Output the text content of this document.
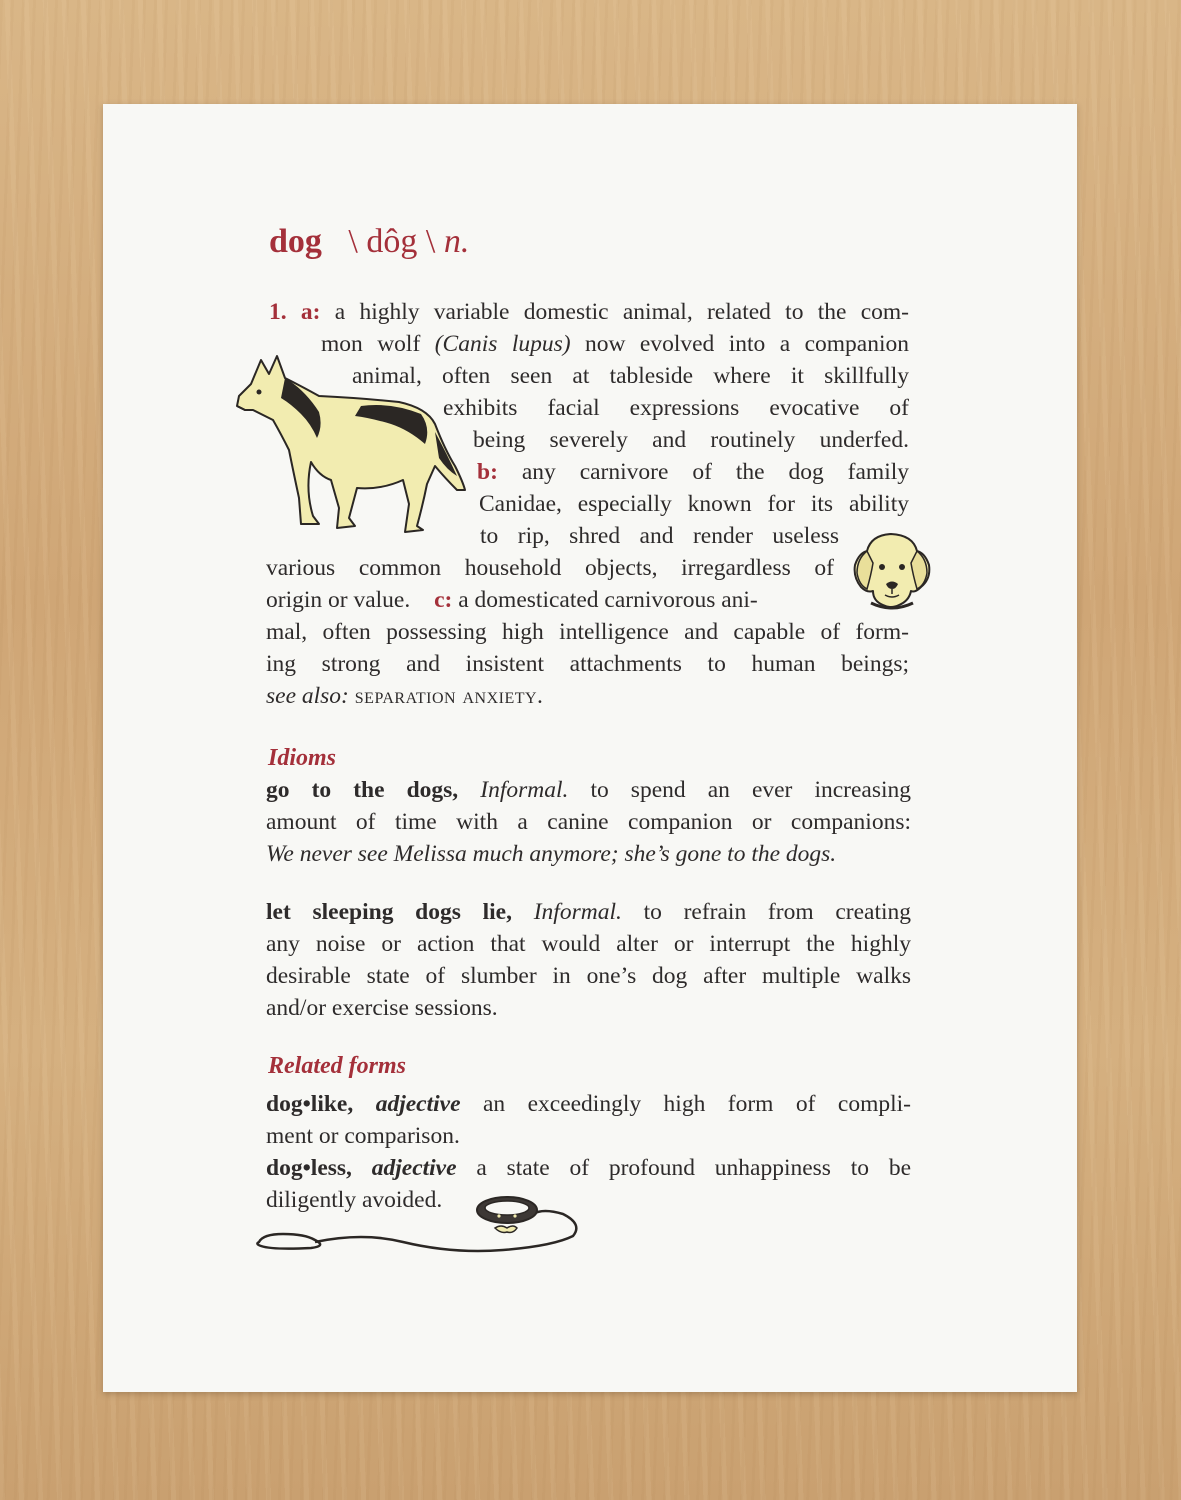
dog \ dôg \ n.
1. a: a highly variable domestic animal, related to the com-
mon wolf (Canis lupus) now evolved into a companion
animal, often seen at tableside where it skillfully
exhibits facial expressions evocative of
being severely and routinely underfed.
b: any carnivore of the dog family
Canidae, especially known for its ability
to rip, shred and render useless
various common household objects, irregardless of
origin or value. c: a domesticated carnivorous ani-
mal, often possessing high intelligence and capable of form-
ing strong and insistent attachments to human beings;
see also: separation anxiety.
Idioms
go to the dogs, Informal. to spend an ever increasing
amount of time with a canine companion or companions:
We never see Melissa much anymore; she’s gone to the dogs.
let sleeping dogs lie, Informal. to refrain from creating
any noise or action that would alter or interrupt the highly
desirable state of slumber in one’s dog after multiple walks
and/or exercise sessions.
Related forms
dog•like, adjective an exceedingly high form of compli-
ment or comparison.
dog•less, adjective a state of profound unhappiness to be
diligently avoided.
